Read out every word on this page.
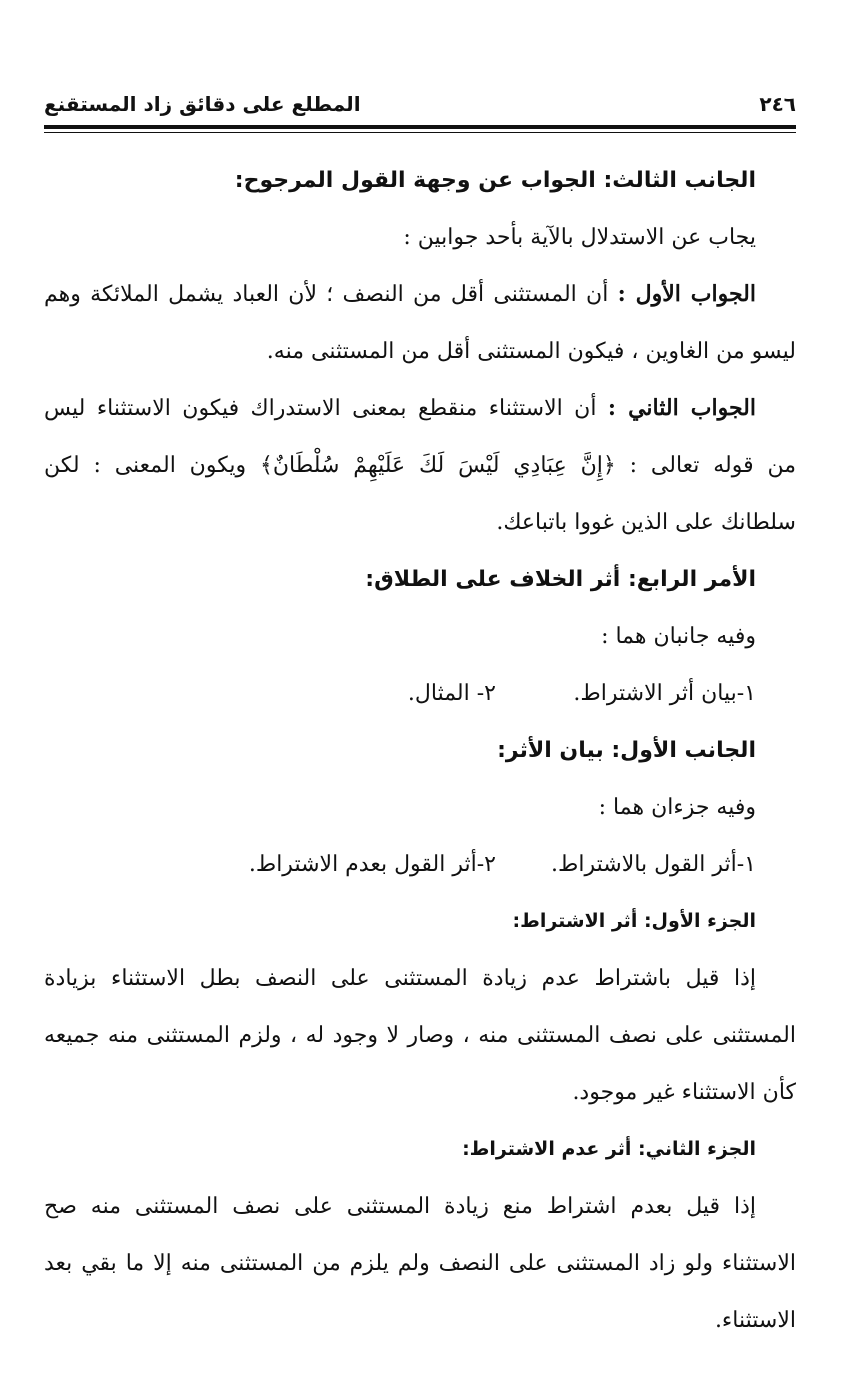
٢٤٦
المطلع على دقائق زاد المستقنع
الجانب الثالث: الجواب عن وجهة القول المرجوح:
يجاب عن الاستدلال بالآية بأحد جوابين :
الجواب الأول : أن المستثنى أقل من النصف ؛ لأن العباد يشمل الملائكة وهم
ليسو من الغاوين ، فيكون المستثنى أقل من المستثنى منه.
الجواب الثاني : أن الاستثناء منقطع بمعنى الاستدراك فيكون الاستثناء ليس
من قوله تعالى : ﴿إِنَّ عِبَادِي لَيْسَ لَكَ عَلَيْهِمْ سُلْطَانٌ﴾ ويكون المعنى : لكن
سلطانك على الذين غووا باتباعك.
الأمر الرابع: أثر الخلاف على الطلاق:
وفيه جانبان هما :
١-بيان أثر الاشتراط.
٢- المثال.
الجانب الأول: بيان الأثر:
وفيه جزءان هما :
١-أثر القول بالاشتراط.
٢-أثر القول بعدم الاشتراط.
الجزء الأول: أثر الاشتراط:
إذا قيل باشتراط عدم زيادة المستثنى على النصف بطل الاستثناء بزيادة
المستثنى على نصف المستثنى منه ، وصار لا وجود له ، ولزم المستثنى منه جميعه
كأن الاستثناء غير موجود.
الجزء الثاني: أثر عدم الاشتراط:
إذا قيل بعدم اشتراط منع زيادة المستثنى على نصف المستثنى منه صح
الاستثناء ولو زاد المستثنى على النصف ولم يلزم من المستثنى منه إلا ما بقي بعد
الاستثناء.
